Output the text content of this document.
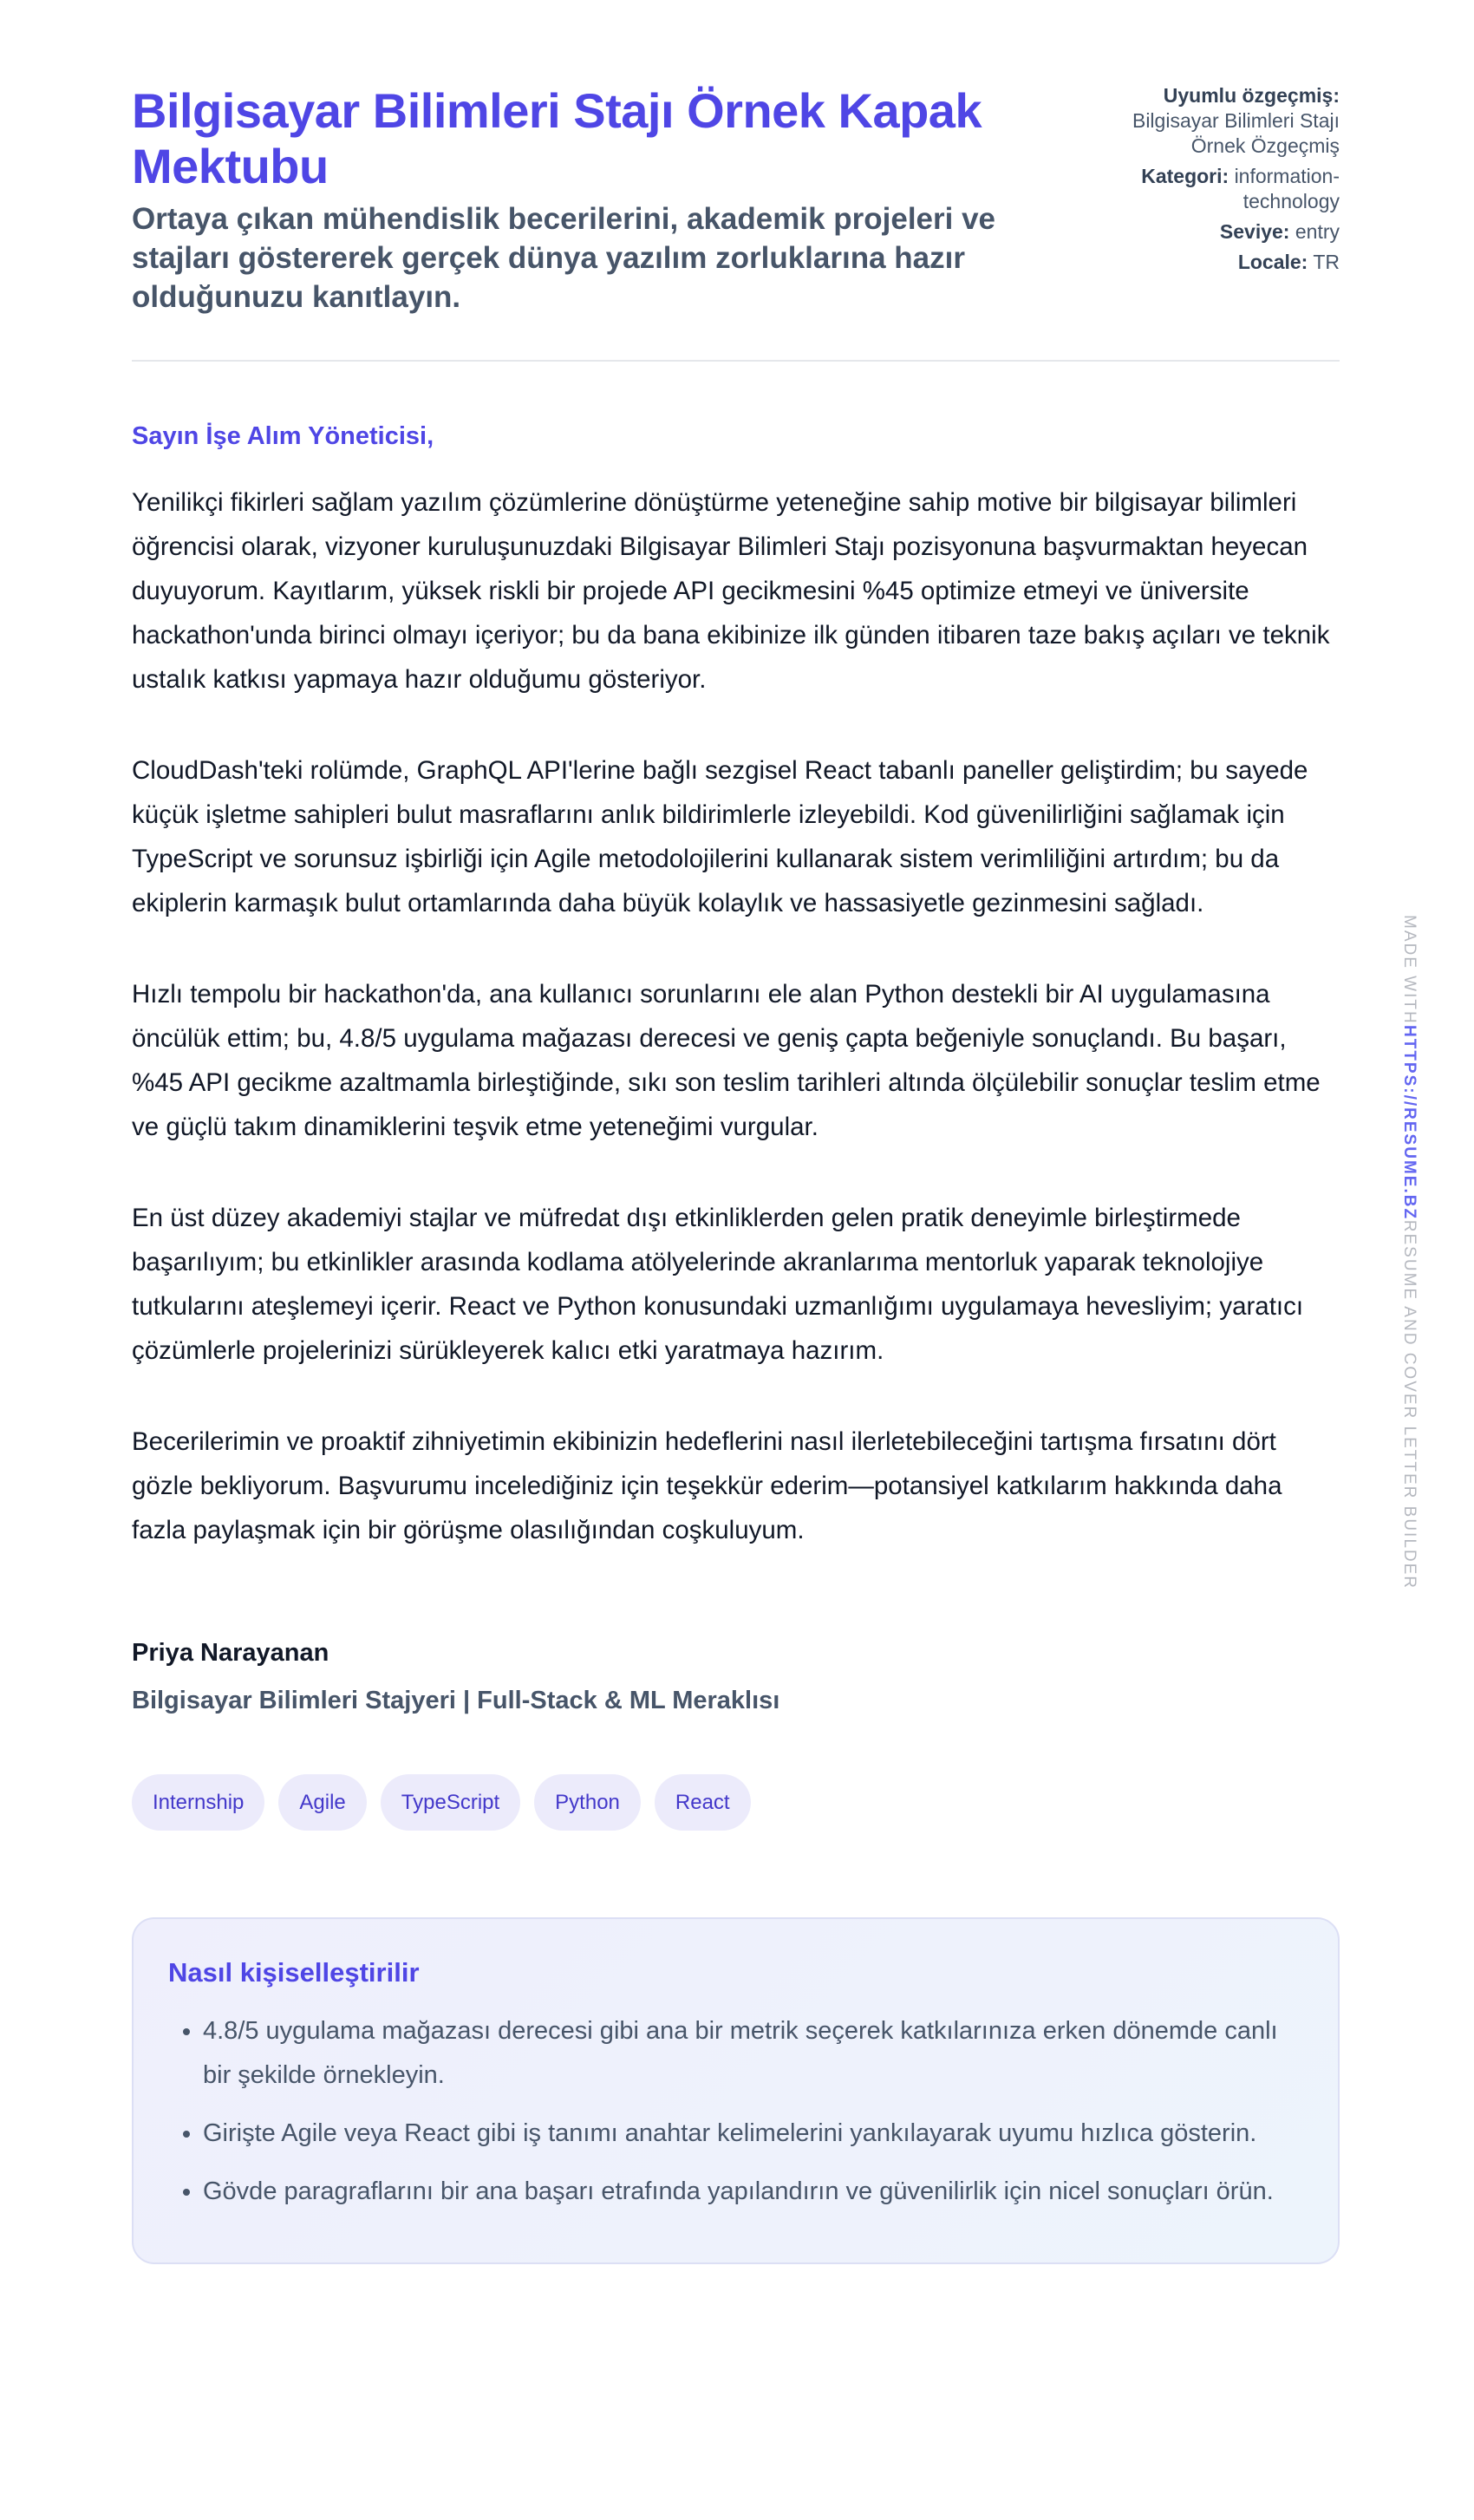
Bilgisayar Bilimleri Stajı Örnek Kapak Mektubu

Ortaya çıkan mühendislik becerilerini, akademik projeleri ve stajları göstererek gerçek dünya yazılım zorluklarına hazır olduğunuzu kanıtlayın.

Uyumlu özgeçmiş:
Bilgisayar Bilimleri Stajı Örnek Özgeçmiş
Kategori: information-technology
Seviye: entry
Locale: TR
Sayın İşe Alım Yöneticisi,

Yenilikçi fikirleri sağlam yazılım çözümlerine dönüştürme yeteneğine sahip motive bir bilgisayar bilimleri öğrencisi olarak, vizyoner kuruluşunuzdaki Bilgisayar Bilimleri Stajı pozisyonuna başvurmaktan heyecan duyuyorum. Kayıtlarım, yüksek riskli bir projede API gecikmesini %45 optimize etmeyi ve üniversite hackathon'unda birinci olmayı içeriyor; bu da bana ekibinize ilk günden itibaren taze bakış açıları ve teknik ustalık katkısı yapmaya hazır olduğumu gösteriyor.

CloudDash'teki rolümde, GraphQL API'lerine bağlı sezgisel React tabanlı paneller geliştirdim; bu sayede küçük işletme sahipleri bulut masraflarını anlık bildirimlerle izleyebildi. Kod güvenilirliğini sağlamak için TypeScript ve sorunsuz işbirliği için Agile metodolojilerini kullanarak sistem verimliliğini artırdım; bu da ekiplerin karmaşık bulut ortamlarında daha büyük kolaylık ve hassasiyetle gezinmesini sağladı.

Hızlı tempolu bir hackathon'da, ana kullanıcı sorunlarını ele alan Python destekli bir AI uygulamasına öncülük ettim; bu, 4.8/5 uygulama mağazası derecesi ve geniş çapta beğeniyle sonuçlandı. Bu başarı, %45 API gecikme azaltmamla birleştiğinde, sıkı son teslim tarihleri altında ölçülebilir sonuçlar teslim etme ve güçlü takım dinamiklerini teşvik etme yeteneğimi vurgular.

En üst düzey akademiyi stajlar ve müfredat dışı etkinliklerden gelen pratik deneyimle birleştirmede başarılıyım; bu etkinlikler arasında kodlama atölyelerinde akranlarıma mentorluk yaparak teknolojiye tutkularını ateşlemeyi içerir. React ve Python konusundaki uzmanlığımı uygulamaya hevesliyim; yaratıcı çözümlerle projelerinizi sürükleyerek kalıcı etki yaratmaya hazırım.

Becerilerimin ve proaktif zihniyetimin ekibinizin hedeflerini nasıl ilerletebileceğini tartışma fırsatını dört gözle bekliyorum. Başvurumu incelediğiniz için teşekkür ederim—potansiyel katkılarım hakkında daha fazla paylaşmak için bir görüşme olasılığından coşkuluyum.

Priya Narayanan
Bilgisayar Bilimleri Stajyeri | Full-Stack & ML Meraklısı
Internship	Agile	TypeScript	Python	React
Nasıl kişiselleştirilir
• 4.8/5 uygulama mağazası derecesi gibi ana bir metrik seçerek katkılarınıza erken dönemde canlı bir şekilde örnekleyin.
• Girişte Agile veya React gibi iş tanımı anahtar kelimelerini yankılayarak uyumu hızlıca gösterin.
• Gövde paragraflarını bir ana başarı etrafında yapılandırın ve güvenilirlik için nicel sonuçları örün.
MADE WITHHTTPS://RESUME.BZRESUME AND COVER LETTER BUILDER
